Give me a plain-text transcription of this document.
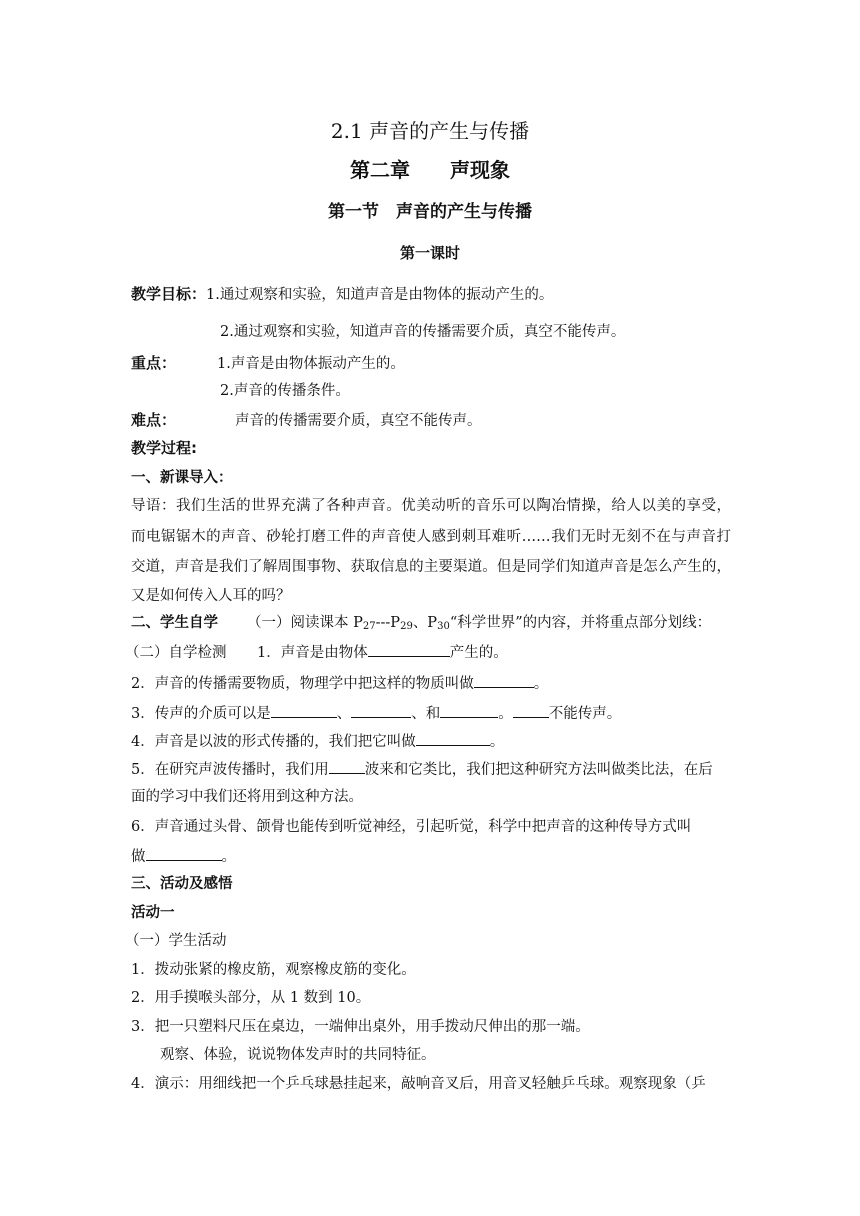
2.1 声音的产生与传播
第二章　　声现象
第一节　声音的产生与传播
第一课时
教学目标：1.通过观察和实验，知道声音是由物体的振动产生的。
2.通过观察和实验，知道声音的传播需要介质，真空不能传声。
重点：	1.声音是由物体振动产生的。
2.声音的传播条件。
难点：	声音的传播需要介质，真空不能传声。
教学过程:
一、新课导入：
导语：我们生活的世界充满了各种声音。优美动听的音乐可以陶冶情操，给人以美的享受，
而电锯锯木的声音、砂轮打磨工件的声音使人感到刺耳难听……我们无时无刻不在与声音打
交道，声音是我们了解周围事物、获取信息的主要渠道。但是同学们知道声音是怎么产生的，
又是如何传入人耳的吗？
二、学生自学 （一）阅读课本 $P_{27}---P_{29}$、$P_{30}“$科学世界”的内容，并将重点部分划线：
（二）自学检测 1．声音是由物体	产生的。
2．声音的传播需要物质，物理学中把这样的物质叫做	。
3．传声的介质可以是	、	、和	。 不能传声。
4．声音是以波的形式传播的，我们把它叫做	。
5．在研究声波传播时，我们用 波来和它类比，我们把这种研究方法叫做类比法，在后
面的学习中我们还将用到这种方法。
6．声音通过头骨、颌骨也能传到听觉神经，引起听觉，科学中把声音的这种传导方式叫
做	。
三、活动及感悟
活动一
（一）学生活动
1．拨动张紧的橡皮筋，观察橡皮筋的变化。
2．用手摸喉头部分，从 1 数到 10。
3．把一只塑料尺压在桌边，一端伸出桌外，用手拨动尺伸出的那一端。
观察、体验，说说物体发声时的共同特征。
4．演示：用细线把一个乒乓球悬挂起来，敲响音叉后，用音叉轻触乒乓球。观察现象（乒
